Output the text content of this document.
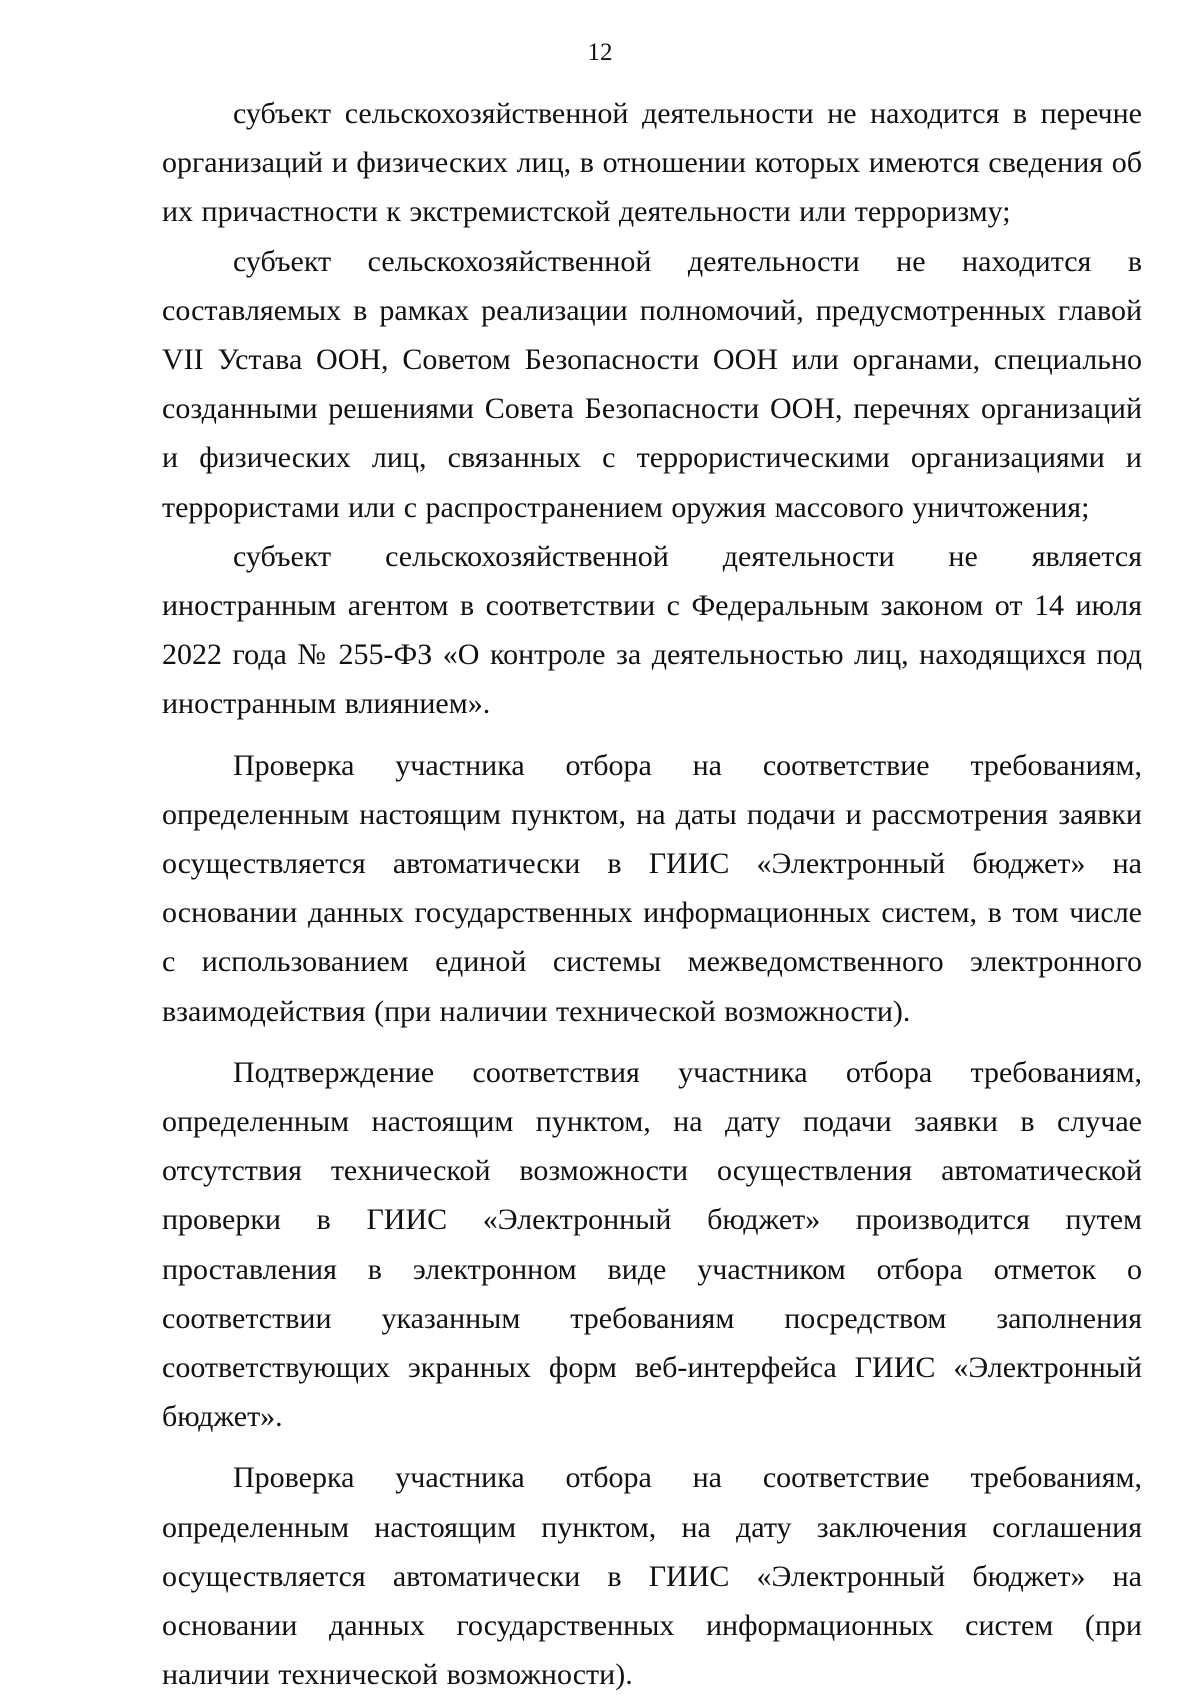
12

субъект сельскохозяйственной деятельности не находится в перечне организаций и физических лиц, в отношении которых имеются сведения об их причастности к экстремистской деятельности или терроризму;

субъект сельскохозяйственной деятельности не находится в составляемых в рамках реализации полномочий, предусмотренных главой VII Устава ООН, Советом Безопасности ООН или органами, специально созданными решениями Совета Безопасности ООН, перечнях организаций и физических лиц, связанных с террористическими организациями и террористами или с распространением оружия массового уничтожения;

субъект сельскохозяйственной деятельности не является иностранным агентом в соответствии с Федеральным законом от 14 июля 2022 года № 255-ФЗ «О контроле за деятельностью лиц, находящихся под иностранным влиянием».

Проверка участника отбора на соответствие требованиям, определенным настоящим пунктом, на даты подачи и рассмотрения заявки осуществляется автоматически в ГИИС «Электронный бюджет» на основании данных государственных информационных систем, в том числе с использованием единой системы межведомственного электронного взаимодействия (при наличии технической возможности).

Подтверждение соответствия участника отбора требованиям, определенным настоящим пунктом, на дату подачи заявки в случае отсутствия технической возможности осуществления автоматической проверки в ГИИС «Электронный бюджет» производится путем проставления в электронном виде участником отбора отметок о соответствии указанным требованиям посредством заполнения соответствующих экранных форм веб-интерфейса ГИИС «Электронный бюджет».

Проверка участника отбора на соответствие требованиям, определенным настоящим пунктом, на дату заключения соглашения осуществляется автоматически в ГИИС «Электронный бюджет» на основании данных государственных информационных систем (при наличии технической возможности).
